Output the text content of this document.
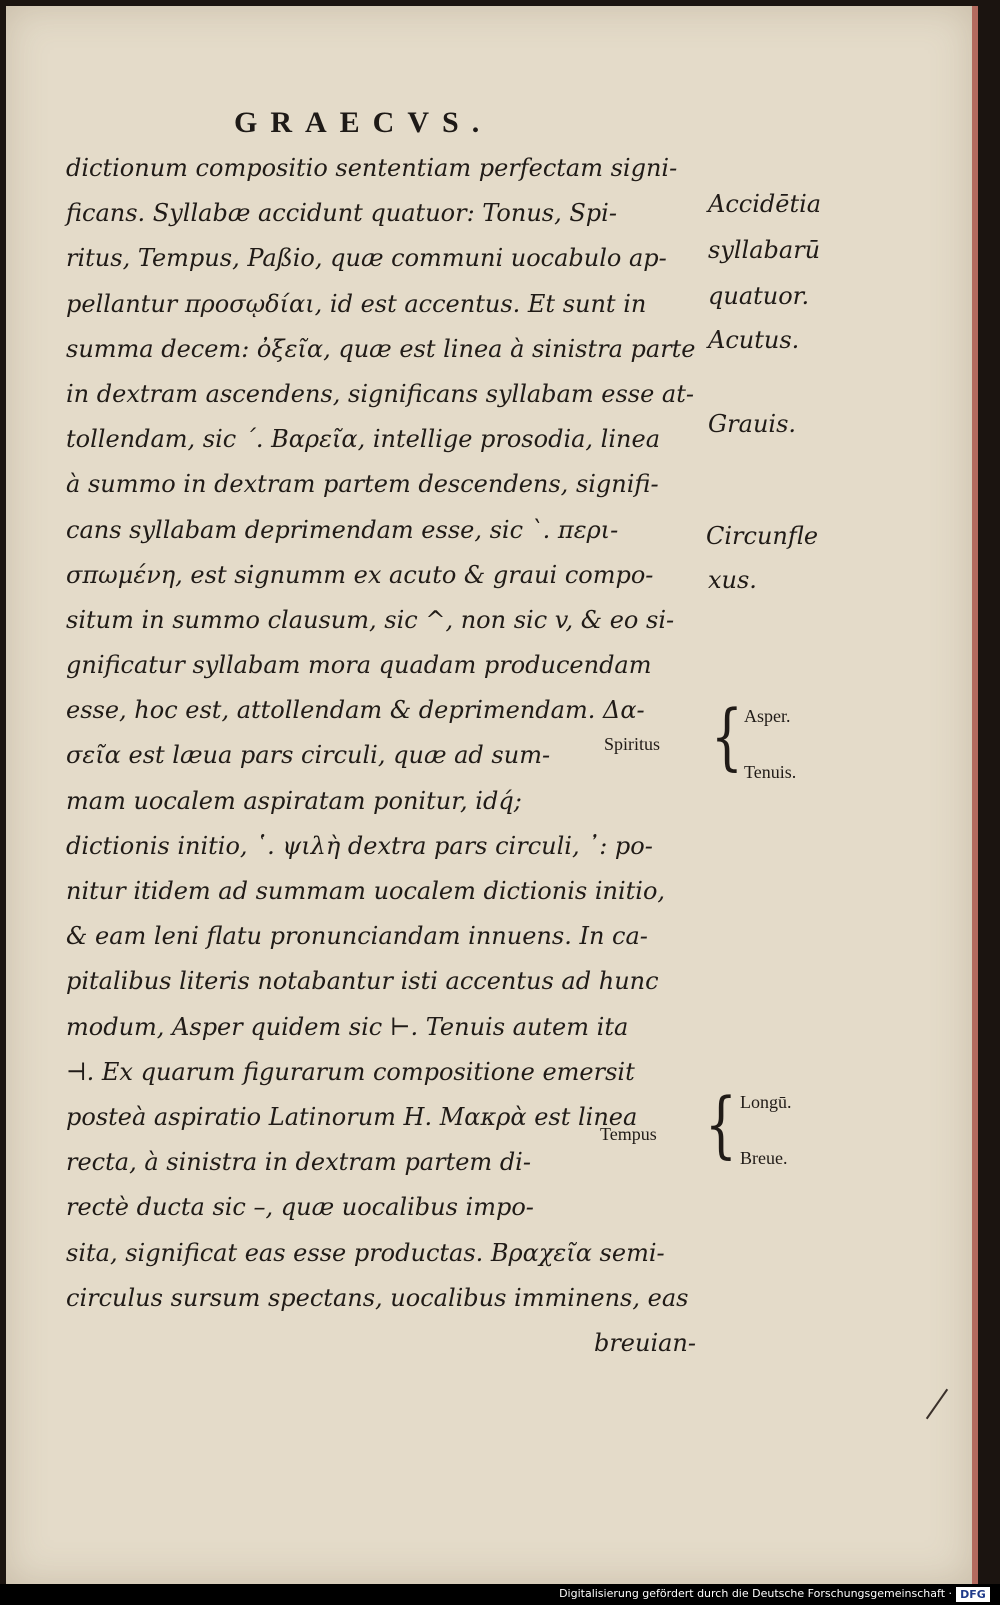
GRAECVS.
dictionum compositio sententiam perfectam signi-
ficans. Syllabæ accidunt quatuor: Tonus, Spi-
ritus, Tempus, Paßio, quæ communi uocabulo ap-
pellantur προσῳδίαι, id est accentus. Et sunt in
summa decem: ὀξεῖα, quæ est linea à sinistra parte
in dextram ascendens, significans syllabam esse at-
tollendam, sic ´. Βαρεῖα, intellige prosodia, linea
à summo in dextram partem descendens, signifi-
cans syllabam deprimendam esse, sic `. περι-
σπωμένη, est signumm ex acuto & graui compo-
situm in summo clausum, sic ^, non sic v, & eo si-
gnificatur syllabam mora quadam producendam
esse, hoc est, attollendam & deprimendam. Δα-
σεῖα est læua pars circuli, quæ ad sum-
mam uocalem aspiratam ponitur, idq́;
dictionis initio, ῾. ψιλὴ dextra pars circuli, ᾿: po-
nitur itidem ad summam uocalem dictionis initio,
& eam leni flatu pronunciandam innuens. In ca-
pitalibus literis notabantur isti accentus ad hunc
modum, Asper quidem sic ⊢. Tenuis autem ita
⊣. Ex quarum figurarum compositione emersit
posteà aspiratio Latinorum H. Μακρὰ est linea
recta, à sinistra in dextram partem di-
rectè ducta sic –, quæ uocalibus impo-
sita, significat eas esse productas. Βραχεῖα semi-
circulus sursum spectans, uocalibus imminens, eas
breuian-
Accidētia
syllabarū
quatuor.
Acutus.
Grauis.
Circunfle
xus.
Spiritus { Asper.
Tenuis.
Tempus { Longū.
Breue.
Digitalisierung gefördert durch die Deutsche Forschungsgemeinschaft · DFG
